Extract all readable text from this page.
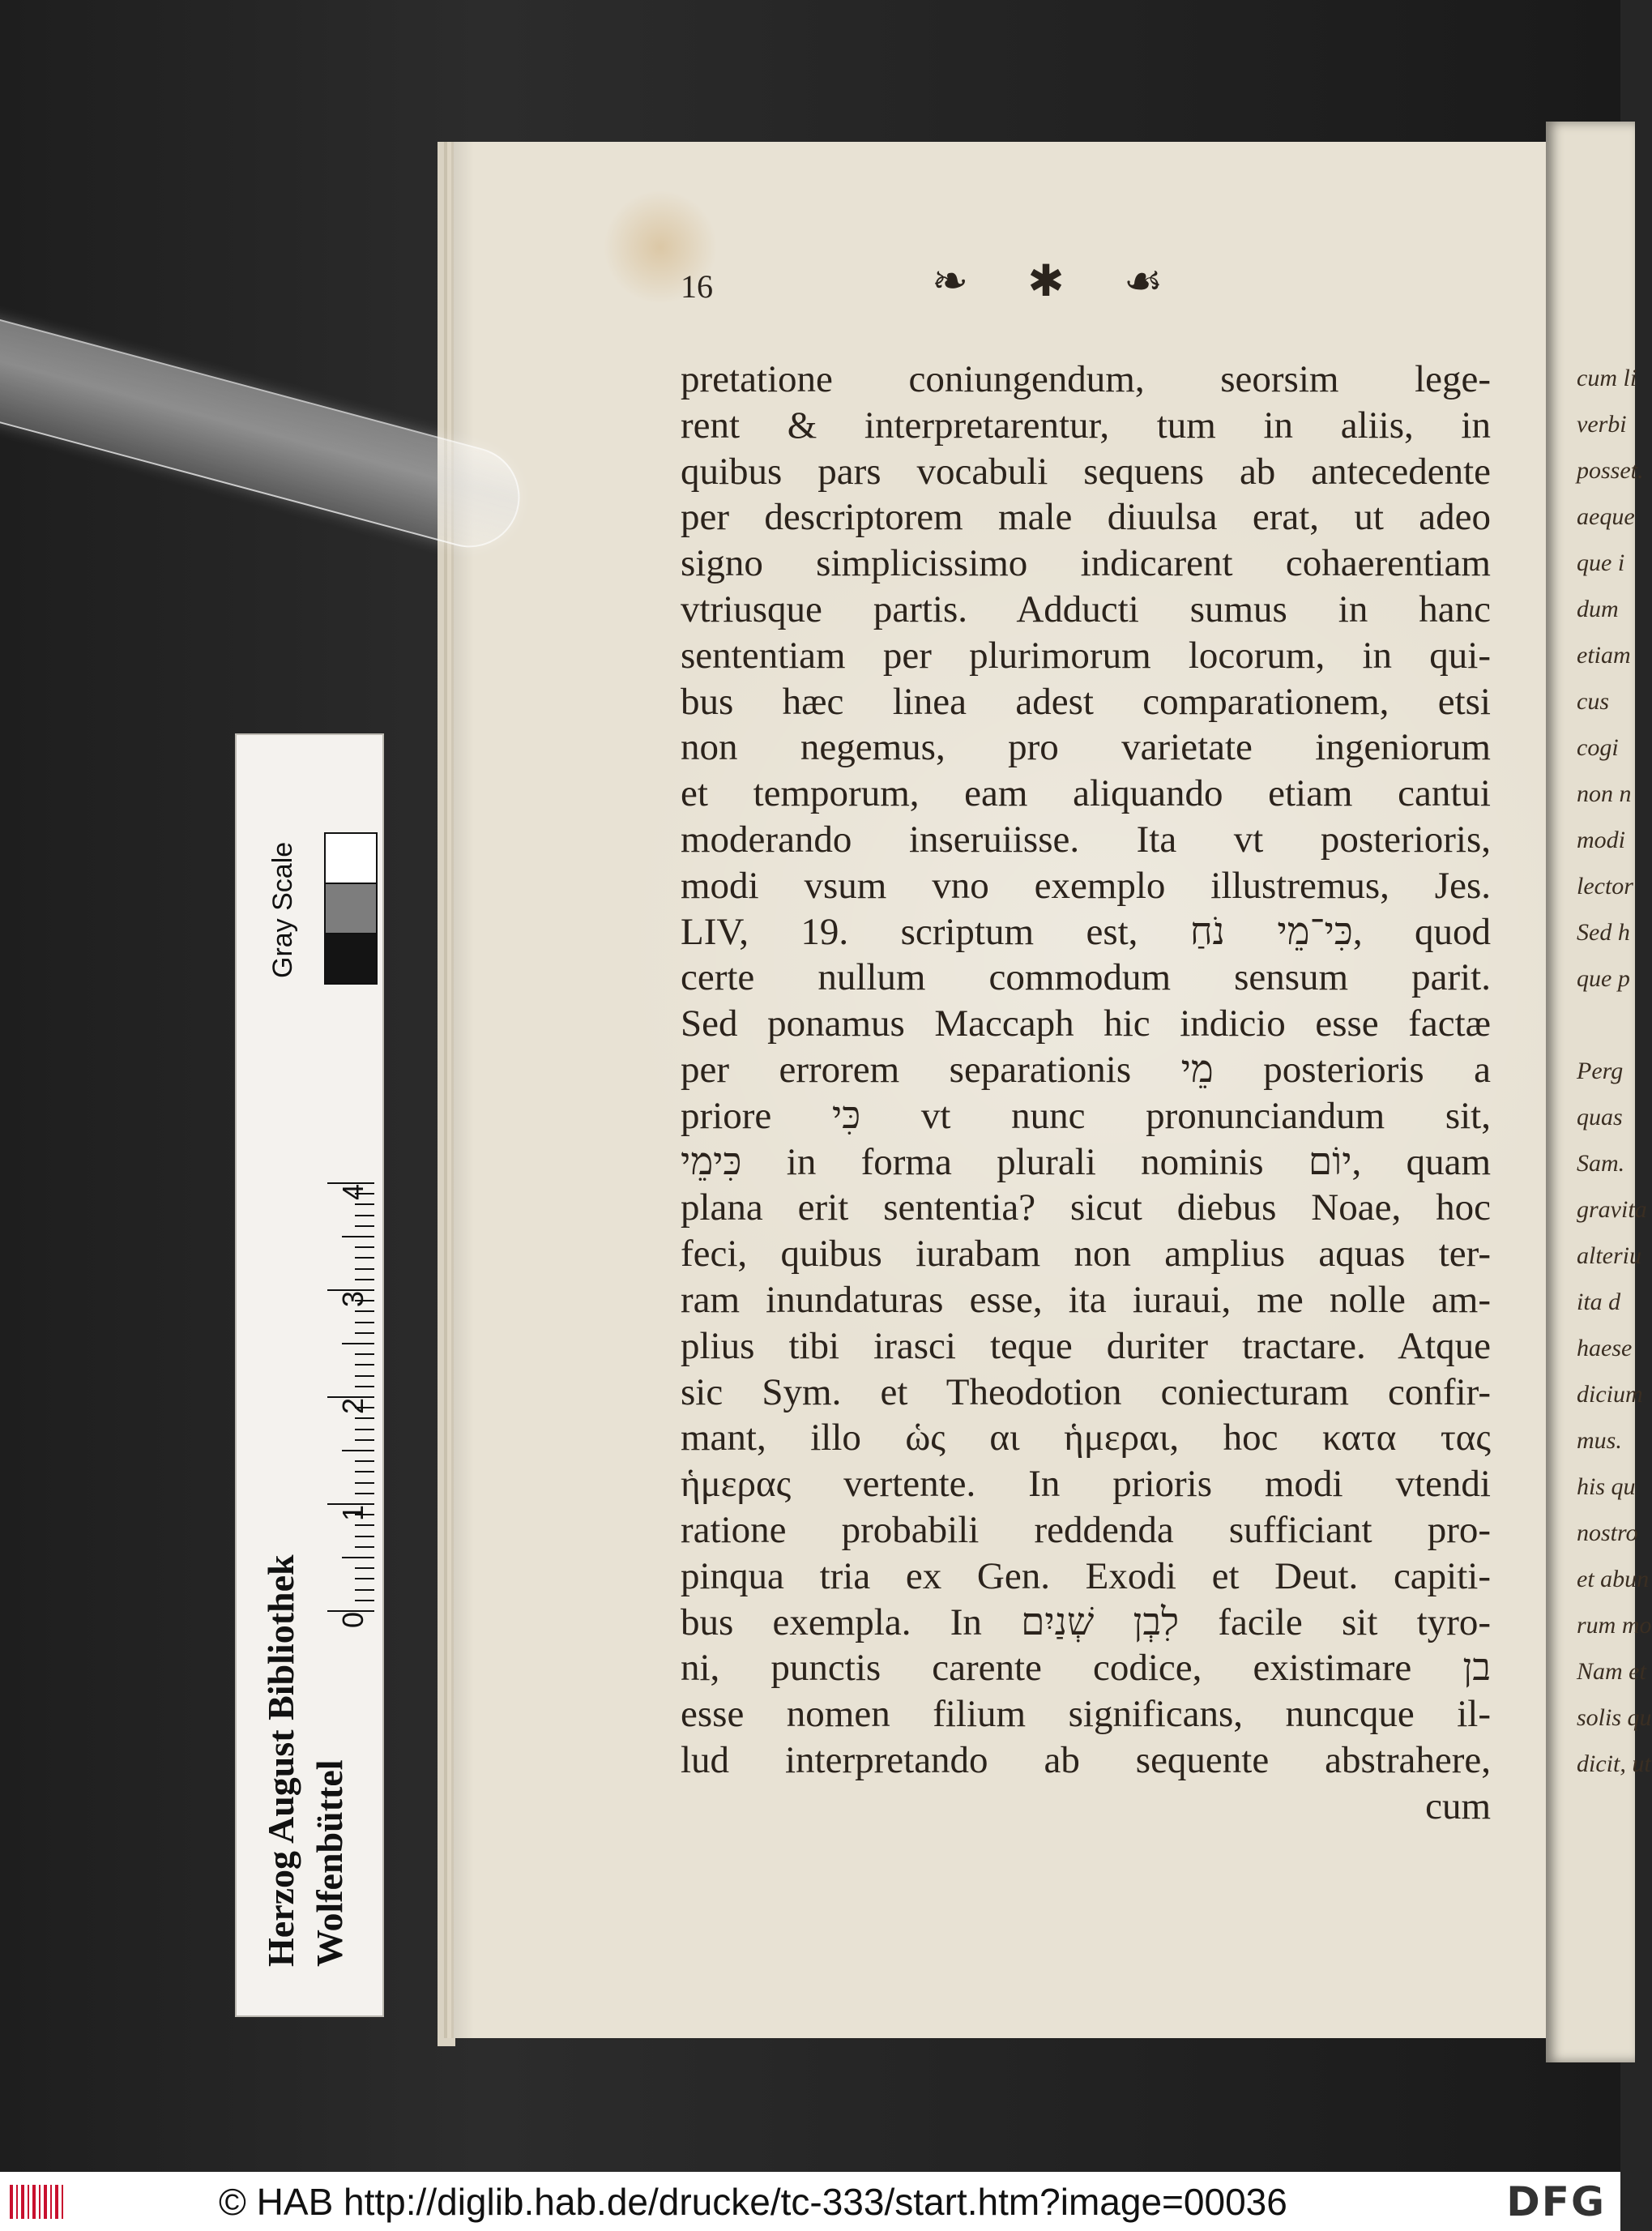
16	❧ ✱ ☙
pretatione coniungendum, seorsim lege-
rent & interpretarentur, tum in aliis, in
quibus pars vocabuli sequens ab antecedente
per descriptorem male diuulsa erat, ut adeo
signo simplicissimo indicarent cohaerentiam
vtriusque partis. Adducti sumus in hanc
sententiam per plurimorum locorum, in qui-
bus hæc linea adest comparationem, etsi
non negemus, pro varietate ingeniorum
et temporum, eam aliquando etiam cantui
moderando inseruiisse. Ita vt posterioris,
modi vsum vno exemplo illustremus, Jes.
LIV, 19. scriptum est, כִּי־מֵי נֹחַ, quod
certe nullum commodum sensum parit.
Sed ponamus Maccaph hic indicio esse factæ
per errorem separationis מֵי posterioris a
priore כִּי vt nunc pronunciandum sit,
כִּימֵי in forma plurali nominis יוֹם, quam
plana erit sententia? sicut diebus Noae, hoc
feci, quibus iurabam non amplius aquas ter-
ram inundaturas esse, ita iuraui, me nolle am-
plius tibi irasci teque duriter tractare. Atque
sic Sym. et Theodotion coniecturam confir-
mant, illo ὡς αι ἡμεραι, hoc κατα τας
ἡμερας vertente. In prioris modi vtendi
ratione probabili reddenda sufficiant pro-
pinqua tria ex Gen. Exodi et Deut. capiti-
bus exempla. In לִבְן שְׁנַיִם facile sit tyro-
ni, punctis carente codice, existimare בן
esse nomen filium significans, nuncque il-
lud interpretando ab sequente abstrahere,
cum
cum li
verbi
posset.
aeque
que i
dum
etiam
cus
cogi
non n
modi
lector
Sed h
que p
Perg
quas
Sam.
gravita
alteriu
ita d
haese
dicium
mus.
his qu
nostro
et abun
rum mo
Nam et
solis qu
dicit, ut
Herzog August Bibliothek Wolfenbüttel
Gray Scale
0
1
2
3
4
© HAB http://diglib.hab.de/drucke/tc-333/start.htm?image=00036	DFG
